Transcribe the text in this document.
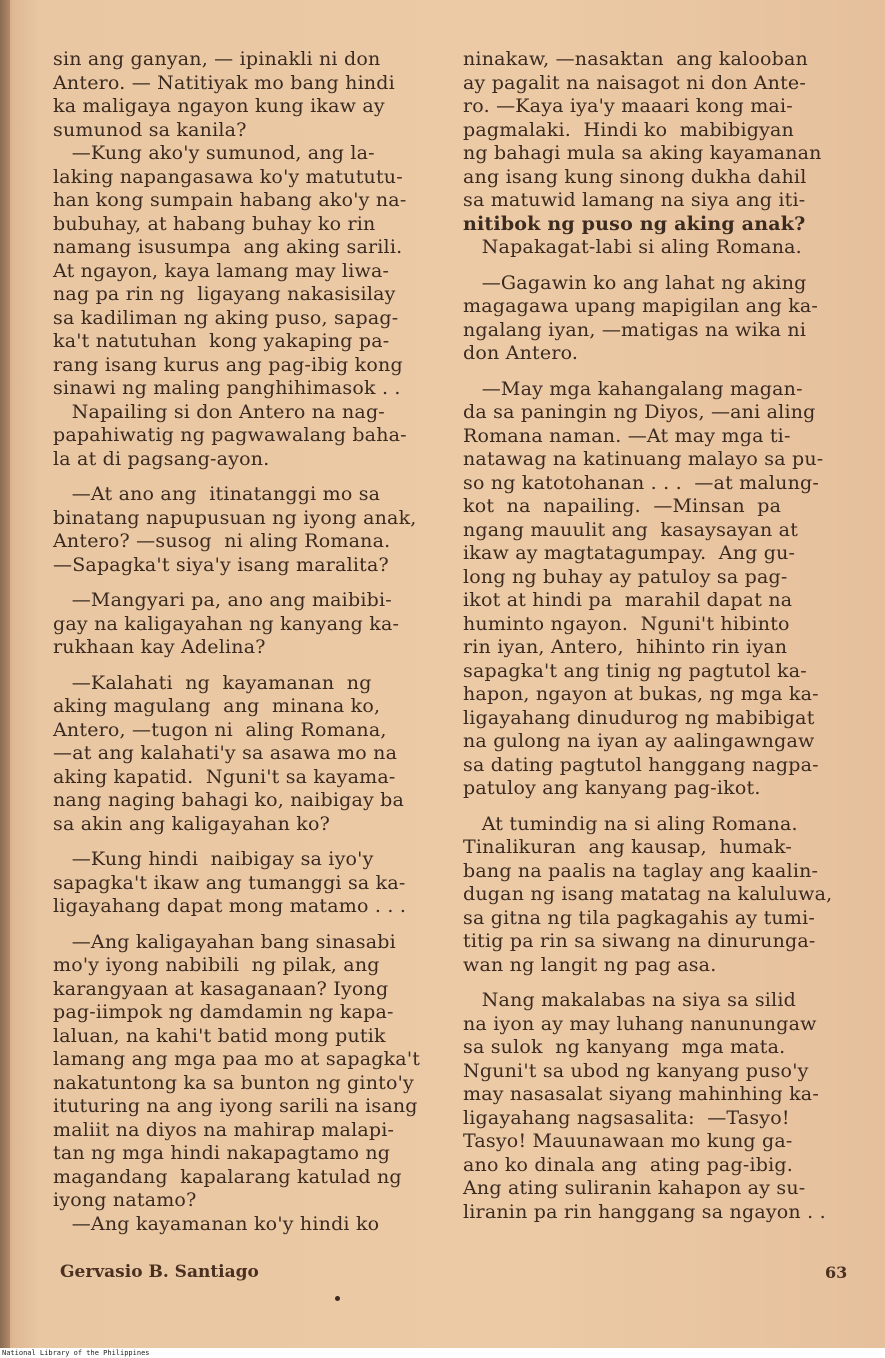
sin ang ganyan, — ipinakli ni don

Antero. — Natitiyak mo bang hindi

ka maligaya ngayon kung ikaw ay

sumunod sa kanila?

—Kung ako'y sumunod, ang la-

laking napangasawa ko'y matututu-

han kong sumpain habang ako'y na-

bubuhay, at habang buhay ko rin

namang isusumpa  ang aking sarili.

At ngayon, kaya lamang may liwa-

nag pa rin ng  ligayang nakasisilay

sa kadiliman ng aking puso, sapag-

ka't natutuhan  kong yakaping pa-

rang isang kurus ang pag-ibig kong

sinawi ng maling panghihimasok . .

Napailing si don Antero na nag-

papahiwatig ng pagwawalang baha-

la at di pagsang-ayon.

—At ano ang  itinatanggi mo sa

binatang napupusuan ng iyong anak,

Antero? —susog  ni aling Romana.

—Sapagka't siya'y isang maralita?

—Mangyari pa, ano ang maibibi-

gay na kaligayahan ng kanyang ka-

rukhaan kay Adelina?

—Kalahati  ng  kayamanan  ng

aking magulang  ang  minana ko,

Antero, —tugon ni  aling Romana,

—at ang kalahati'y sa asawa mo na

aking kapatid.  Nguni't sa kayama-

nang naging bahagi ko, naibigay ba

sa akin ang kaligayahan ko?

—Kung hindi  naibigay sa iyo'y

sapagka't ikaw ang tumanggi sa ka-

ligayahang dapat mong matamo . . .

—Ang kaligayahan bang sinasabi

mo'y iyong nabibili  ng pilak, ang

karangyaan at kasaganaan? Iyong

pag-iimpok ng damdamin ng kapa-

laluan, na kahi't batid mong putik

lamang ang mga paa mo at sapagka't

nakatuntong ka sa bunton ng ginto'y

ituturing na ang iyong sarili na isang

maliit na diyos na mahirap malapi-

tan ng mga hindi nakapagtamo ng

magandang  kapalarang katulad ng

iyong natamo?

—Ang kayamanan ko'y hindi ko

ninakaw, —nasaktan  ang kalooban

ay pagalit na naisagot ni don Ante-

ro. —Kaya iya'y maaari kong mai-

pagmalaki.  Hindi ko  mabibigyan

ng bahagi mula sa aking kayamanan

ang isang kung sinong dukha dahil

sa matuwid lamang na siya ang iti-

nitibok ng puso ng aking anak?

Napakagat-labi si aling Romana.

—Gagawin ko ang lahat ng aking

magagawa upang mapigilan ang ka-

ngalang iyan, —matigas na wika ni

don Antero.

—May mga kahangalang magan-

da sa paningin ng Diyos, —ani aling

Romana naman. —At may mga ti-

natawag na katinuang malayo sa pu-

so ng katotohanan . . .  —at malung-

kot  na  napailing.  —Minsan  pa

ngang mauulit ang  kasaysayan at

ikaw ay magtatagumpay.  Ang gu-

long ng buhay ay patuloy sa pag-

ikot at hindi pa  marahil dapat na

huminto ngayon.  Nguni't hibinto

rin iyan, Antero,  hihinto rin iyan

sapagka't ang tinig ng pagtutol ka-

hapon, ngayon at bukas, ng mga ka-

ligayahang dinudurog ng mabibigat

na gulong na iyan ay aalingawngaw

sa dating pagtutol hanggang nagpa-

patuloy ang kanyang pag-ikot.

At tumindig na si aling Romana.

Tinalikuran  ang kausap,  humak-

bang na paalis na taglay ang kaalin-

dugan ng isang matatag na kaluluwa,

sa gitna ng tila pagkagahis ay tumi-

titig pa rin sa siwang na dinurunga-

wan ng langit ng pag asa.

Nang makalabas na siya sa silid

na iyon ay may luhang nanunungaw

sa sulok  ng kanyang  mga mata.

Nguni't sa ubod ng kanyang puso'y

may nasasalat siyang mahinhing ka-

ligayahang nagsasalita:  —Tasyo!

Tasyo! Mauunawaan mo kung ga-

ano ko dinala ang  ating pag-ibig.

Ang ating suliranin kahapon ay su-

liranin pa rin hanggang sa ngayon . .

Gervasio B. Santiago	63
National Library of the Philippines
